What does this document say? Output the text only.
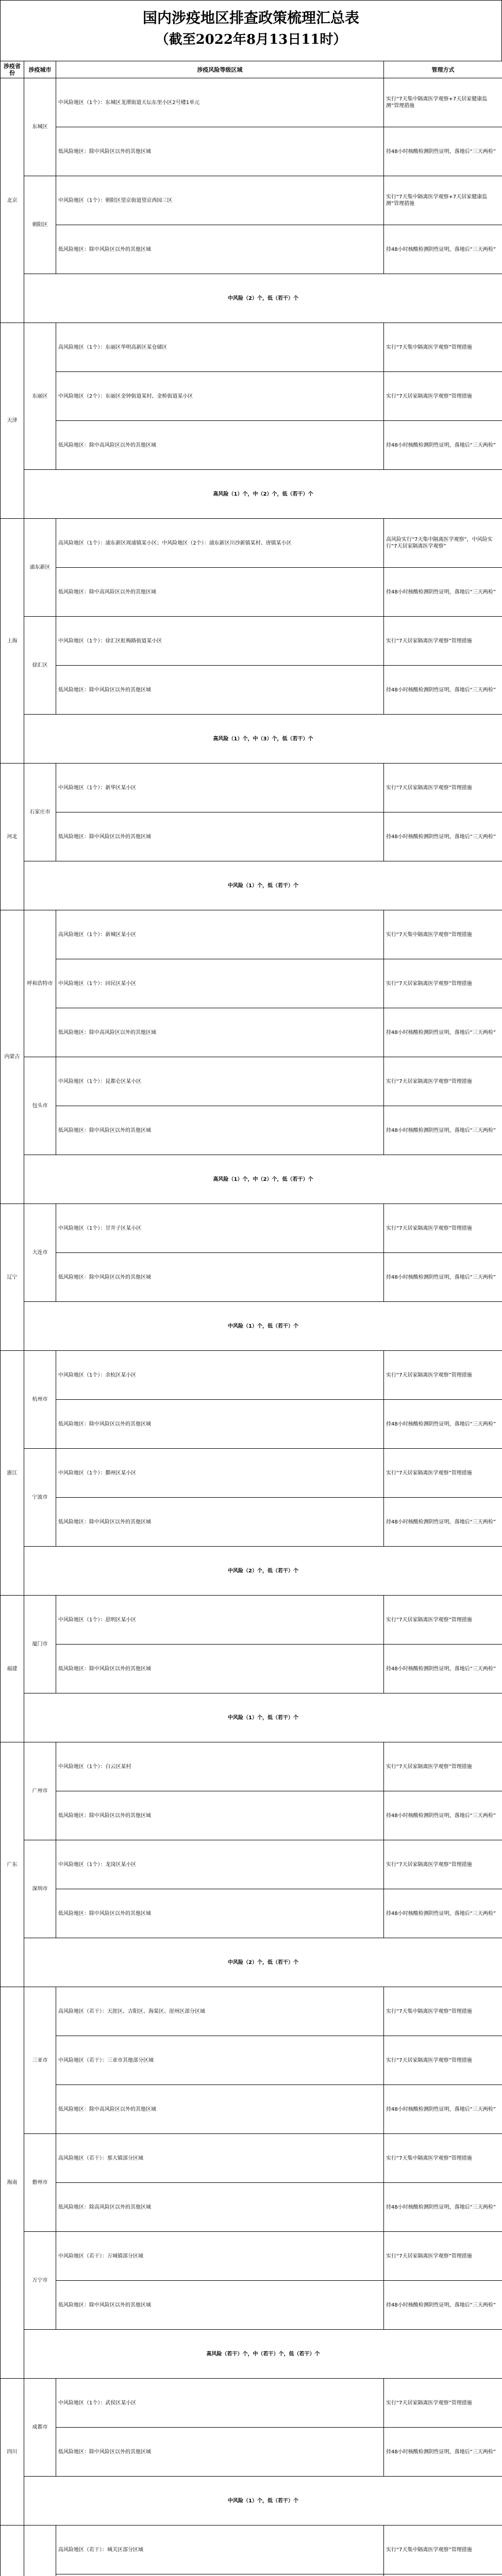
国内涉疫地区排查政策梳理汇总表
（截至2022年8月13日11时）
涉疫省份	涉疫城市	涉疫风险等级区域	管理方式
北京	东城区	中风险地区（1个）：东城区龙潭街道天坛东里小区2号楼1单元	实行“7天集中隔离医学观察+7天居家健康监测”管理措施
		低风险地区：除中风险区以外的其他区域	持48小时核酸检测阴性证明，落地后“三天两检”
	朝阳区	中风险地区（1个）：朝阳区望京街道望京西园三区	实行“7天集中隔离医学观察+7天居家健康监测”管理措施
		低风险地区：除中风险区以外的其他区域	持48小时核酸检测阴性证明，落地后“三天两检”
	中风险（2）个，低（若干）个		
天津	东丽区	高风险地区（1个）：东丽区华明高新区某仓储区	实行“7天集中隔离医学观察”管理措施
		中风险地区（2个）：东丽区金钟街道某村、金桥街道某小区	实行“7天居家隔离医学观察”管理措施
		低风险地区：除中高风险区以外的其他区域	持48小时核酸检测阴性证明，落地后“三天两检”
	高风险（1）个，中（2）个，低（若干）个		
上海	浦东新区	高风险地区（1个）：浦东新区周浦镇某小区；中风险地区（2个）：浦东新区川沙新镇某村、唐镇某小区	高风险实行“7天集中隔离医学观察”，中风险实行“7天居家隔离医学观察”
		低风险地区：除中高风险区以外的其他区域	持48小时核酸检测阴性证明，落地后“三天两检”
	徐汇区	中风险地区（1个）：徐汇区虹梅路街道某小区	实行“7天居家隔离医学观察”管理措施
		低风险地区：除中风险区以外的其他区域	持48小时核酸检测阴性证明，落地后“三天两检”
	高风险（1）个，中（3）个，低（若干）个		
河北	石家庄市	中风险地区（1个）：新华区某小区	实行“7天居家隔离医学观察”管理措施
		低风险地区：除中风险区以外的其他区域	持48小时核酸检测阴性证明，落地后“三天两检”
	中风险（1）个，低（若干）个		
内蒙古	呼和浩特市	高风险地区（1个）：新城区某小区	实行“7天集中隔离医学观察”管理措施
		中风险地区（1个）：回民区某小区	实行“7天居家隔离医学观察”管理措施
		低风险地区：除中高风险区以外的其他区域	持48小时核酸检测阴性证明，落地后“三天两检”
	包头市	中风险地区（1个）：昆都仑区某小区	实行“7天居家隔离医学观察”管理措施
		低风险地区：除中风险区以外的其他区域	持48小时核酸检测阴性证明，落地后“三天两检”
	高风险（1）个，中（2）个，低（若干）个		
辽宁	大连市	中风险地区（1个）：甘井子区某小区	实行“7天居家隔离医学观察”管理措施
		低风险地区：除中风险区以外的其他区域	持48小时核酸检测阴性证明，落地后“三天两检”
	中风险（1）个，低（若干）个		
浙江	杭州市	中风险地区（1个）：余杭区某小区	实行“7天居家隔离医学观察”管理措施
		低风险地区：除中风险区以外的其他区域	持48小时核酸检测阴性证明，落地后“三天两检”
	宁波市	中风险地区（1个）：鄞州区某小区	实行“7天居家隔离医学观察”管理措施
		低风险地区：除中风险区以外的其他区域	持48小时核酸检测阴性证明，落地后“三天两检”
	中风险（2）个，低（若干）个		
福建	厦门市	中风险地区（1个）：思明区某小区	实行“7天居家隔离医学观察”管理措施
		低风险地区：除中风险区以外的其他区域	持48小时核酸检测阴性证明，落地后“三天两检”
	中风险（1）个，低（若干）个		
广东	广州市	中风险地区（1个）：白云区某村	实行“7天居家隔离医学观察”管理措施
		低风险地区：除中风险区以外的其他区域	持48小时核酸检测阴性证明，落地后“三天两检”
	深圳市	中风险地区（1个）：龙岗区某小区	实行“7天居家隔离医学观察”管理措施
		低风险地区：除中风险区以外的其他区域	持48小时核酸检测阴性证明，落地后“三天两检”
	中风险（2）个，低（若干）个		
海南	三亚市	高风险地区（若干）：天涯区、吉阳区、海棠区、崖州区部分区域	实行“7天集中隔离医学观察”管理措施
		中风险地区（若干）：三亚市其他部分区域	实行“7天居家隔离医学观察”管理措施
		低风险地区：除中高风险区以外的其他区域	持48小时核酸检测阴性证明，落地后“三天两检”
	儋州市	高风险地区（若干）：那大镇部分区域	实行“7天集中隔离医学观察”管理措施
		低风险地区：除高风险区以外的其他区域	持48小时核酸检测阴性证明，落地后“三天两检”
	万宁市	中风险地区（若干）：万城镇部分区域	实行“7天居家隔离医学观察”管理措施
		低风险地区：除中风险区以外的其他区域	持48小时核酸检测阴性证明，落地后“三天两检”
	高风险（若干）个，中（若干）个，低（若干）个		
四川	成都市	中风险地区（1个）：武侯区某小区	实行“7天居家隔离医学观察”管理措施
		低风险地区：除中风险区以外的其他区域	持48小时核酸检测阴性证明，落地后“三天两检”
	中风险（1）个，低（若干）个		
		高风险地区（若干）：城关区部分区域	实行“7天集中隔离医学观察”管理措施
